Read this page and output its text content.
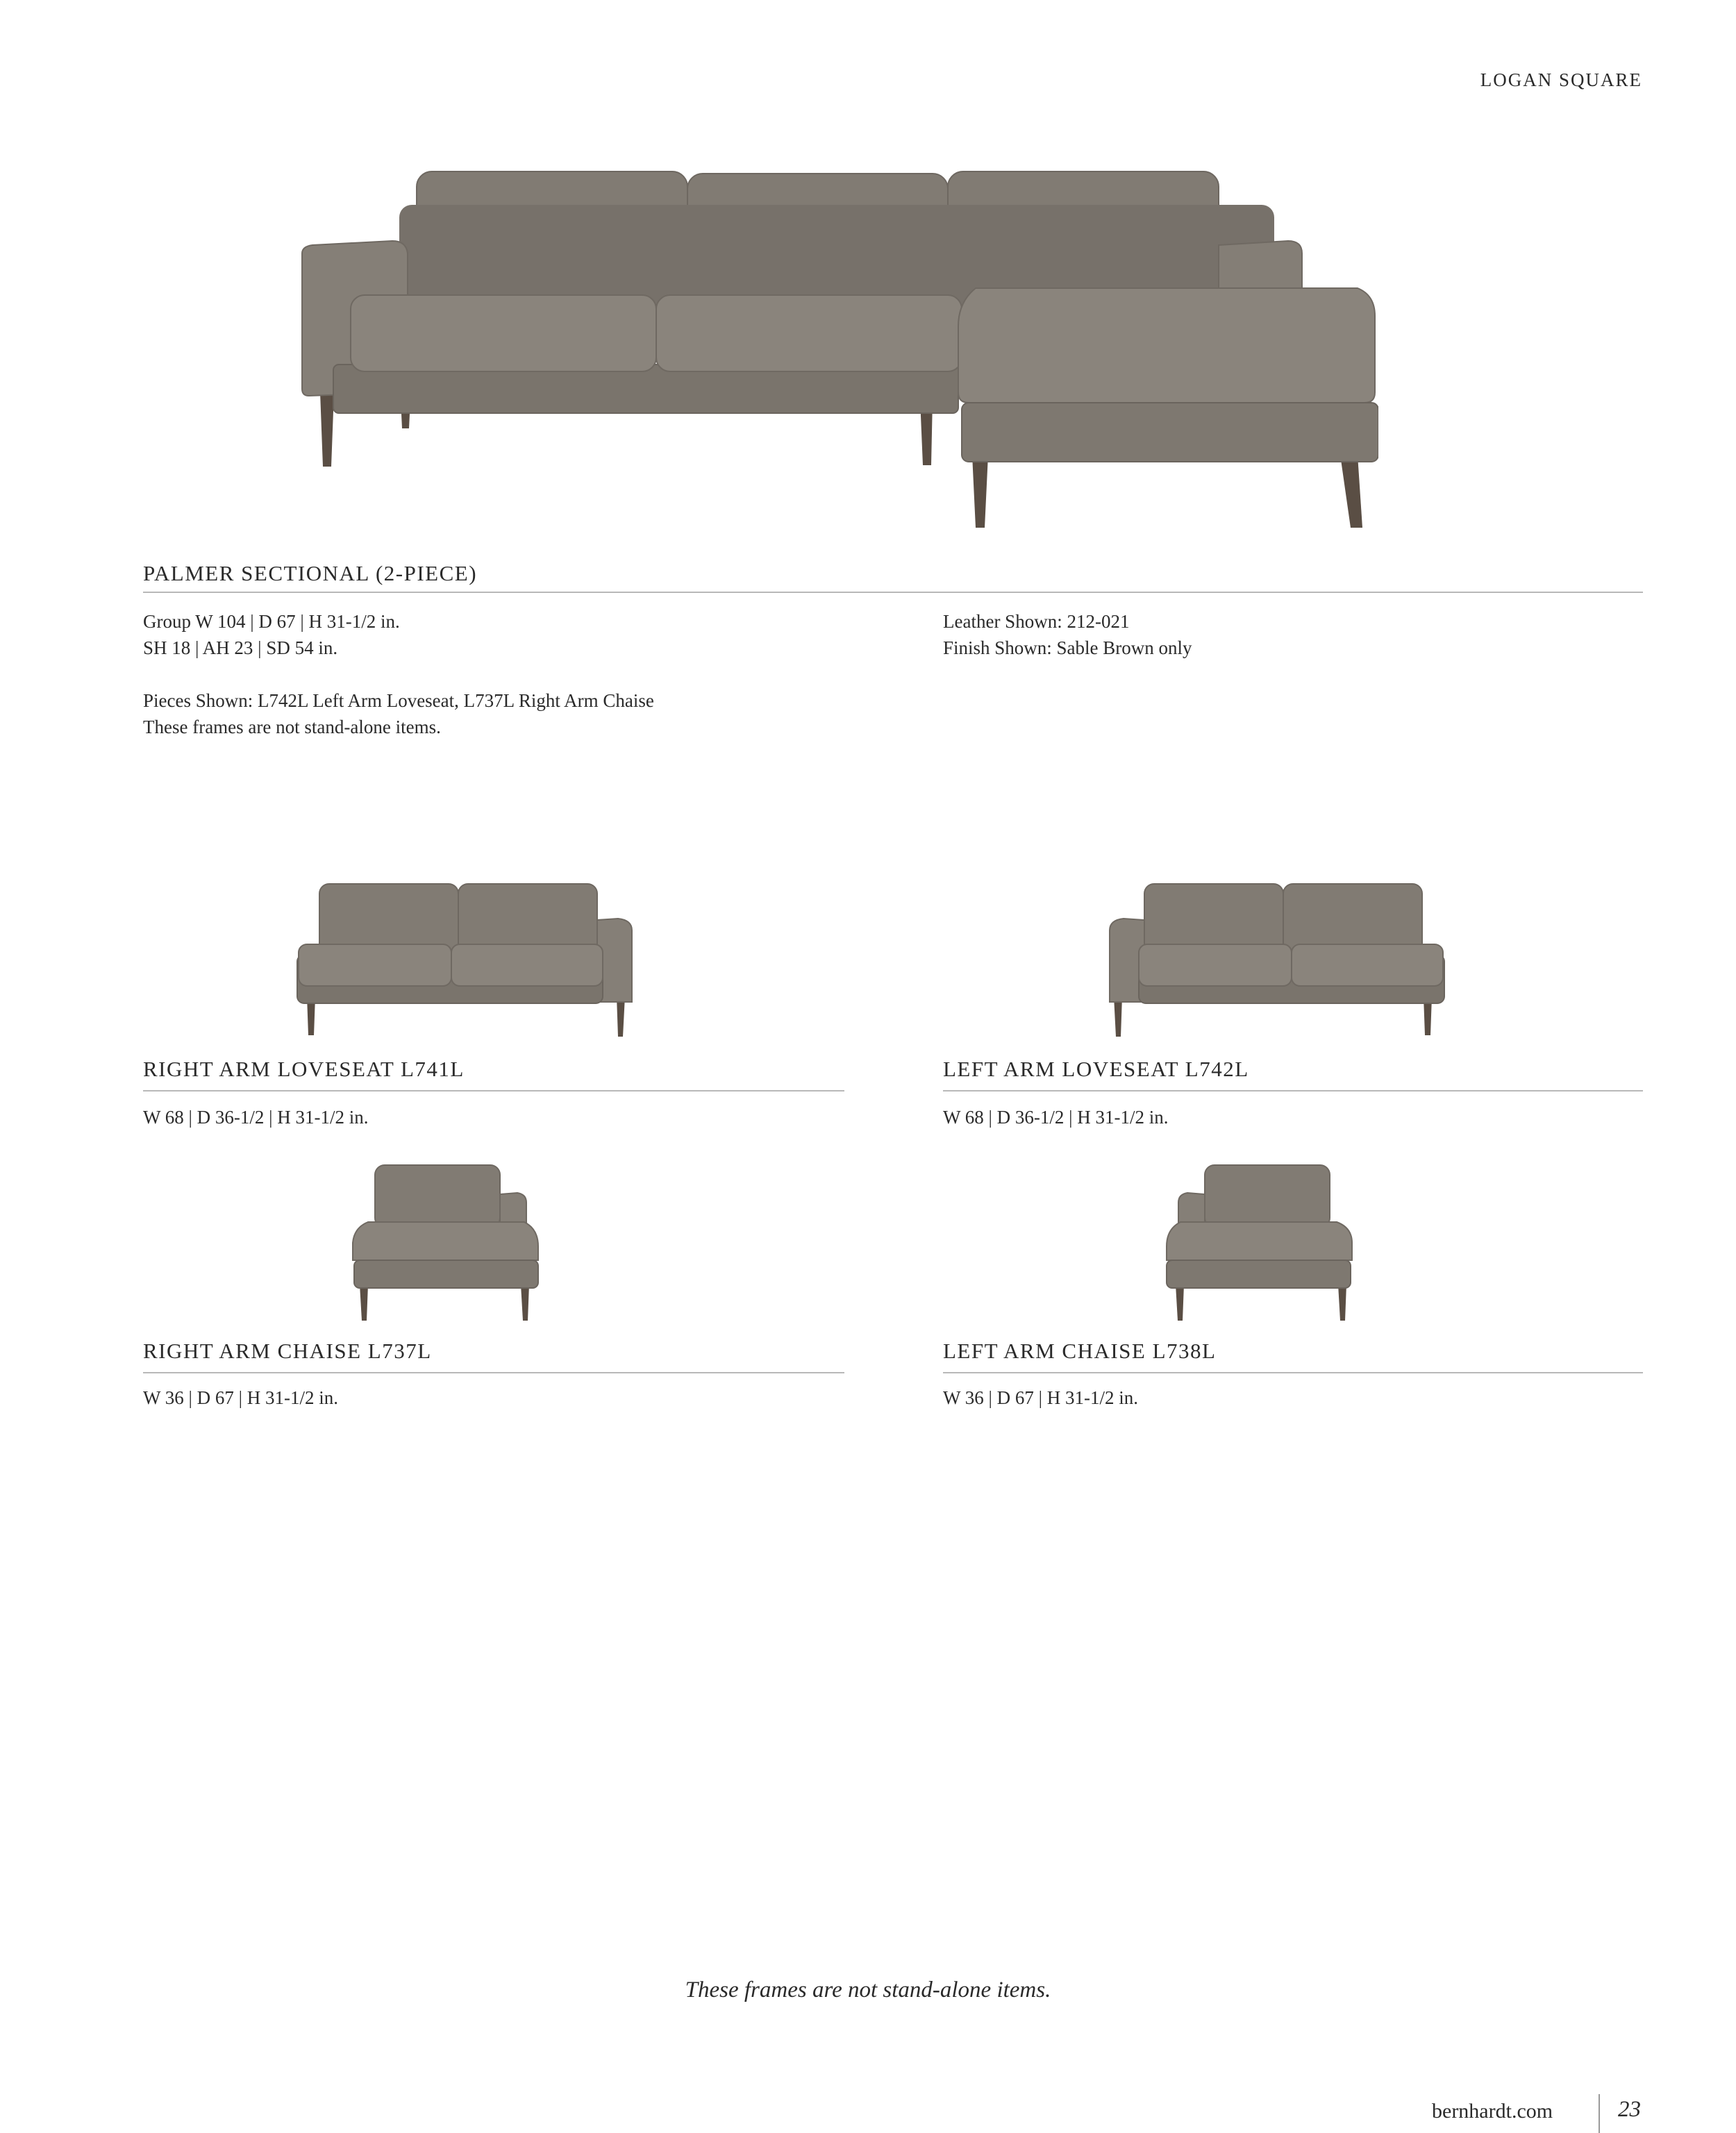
LOGAN SQUARE
PALMER SECTIONAL (2-PIECE)
Group W 104 | D 67 | H 31-1/2 in.
SH 18 | AH 23 | SD 54 in.
Pieces Shown: L742L Left Arm Loveseat, L737L Right Arm Chaise
These frames are not stand-alone items.
Leather Shown: 212-021
Finish Shown: Sable Brown only
RIGHT ARM LOVESEAT L741L
W 68 | D 36-1/2 | H 31-1/2 in.
LEFT ARM LOVESEAT L742L
W 68 | D 36-1/2 | H 31-1/2 in.
RIGHT ARM CHAISE L737L
W 36 | D 67 | H 31-1/2 in.
LEFT ARM CHAISE L738L
W 36 | D 67 | H 31-1/2 in.
These frames are not stand-alone items.
bernhardt.com	23
